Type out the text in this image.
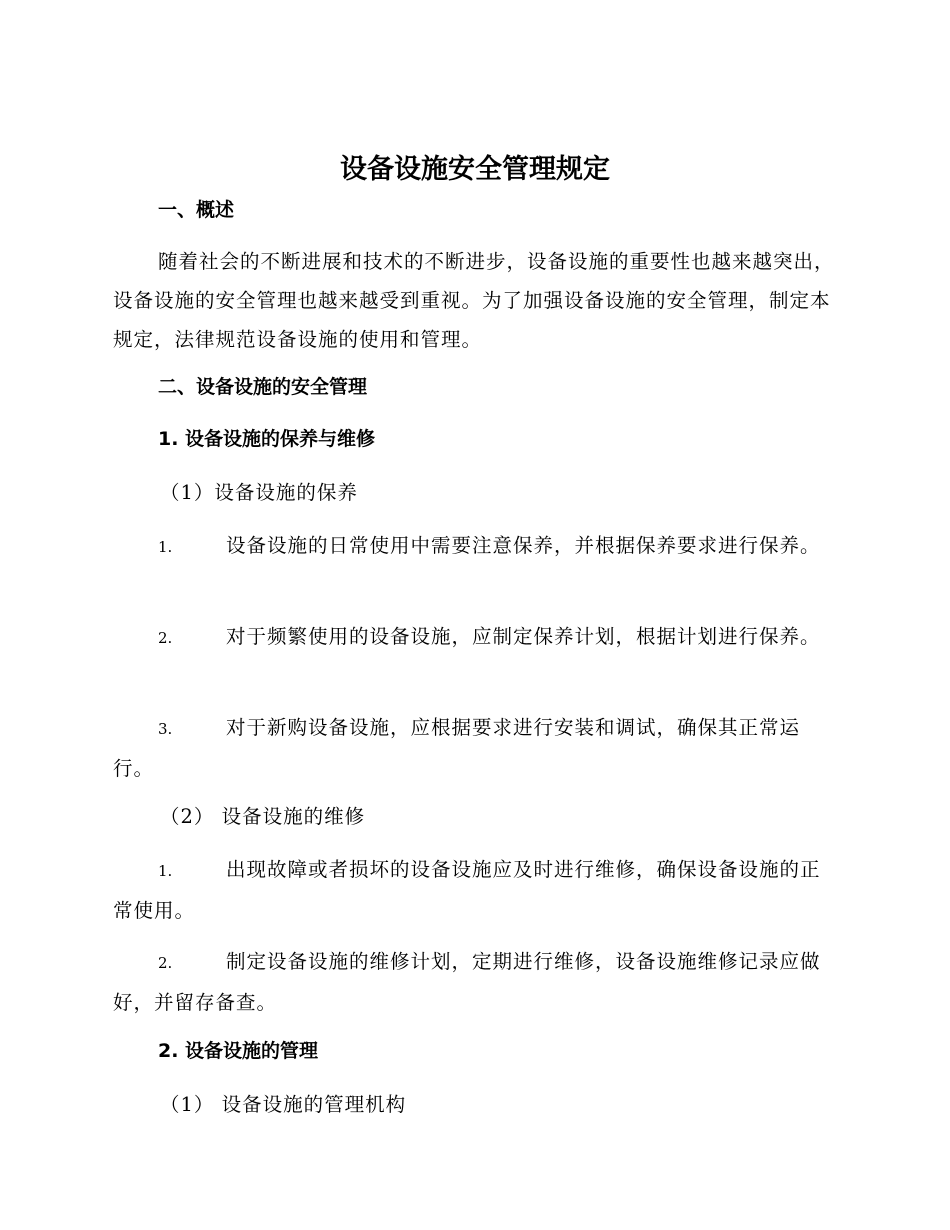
设备设施安全管理规定
一、概述
随着社会的不断进展和技术的不断进步，设备设施的重要性也越来越突出，设备设施的安全管理也越来越受到重视。为了加强设备设施的安全管理，制定本规定，法律规范设备设施的使用和管理。
二、设备设施的安全管理
1. 设备设施的保养与维修
（1）设备设施的保养
1.	设备设施的日常使用中需要注意保养，并根据保养要求进行保养。
2.	对于频繁使用的设备设施，应制定保养计划，根据计划进行保养。
3.	对于新购设备设施，应根据要求进行安装和调试，确保其正常运行。
（2） 设备设施的维修
1.	出现故障或者损坏的设备设施应及时进行维修，确保设备设施的正常使用。
2.	制定设备设施的维修计划，定期进行维修，设备设施维修记录应做好，并留存备查。
2. 设备设施的管理
（1） 设备设施的管理机构
